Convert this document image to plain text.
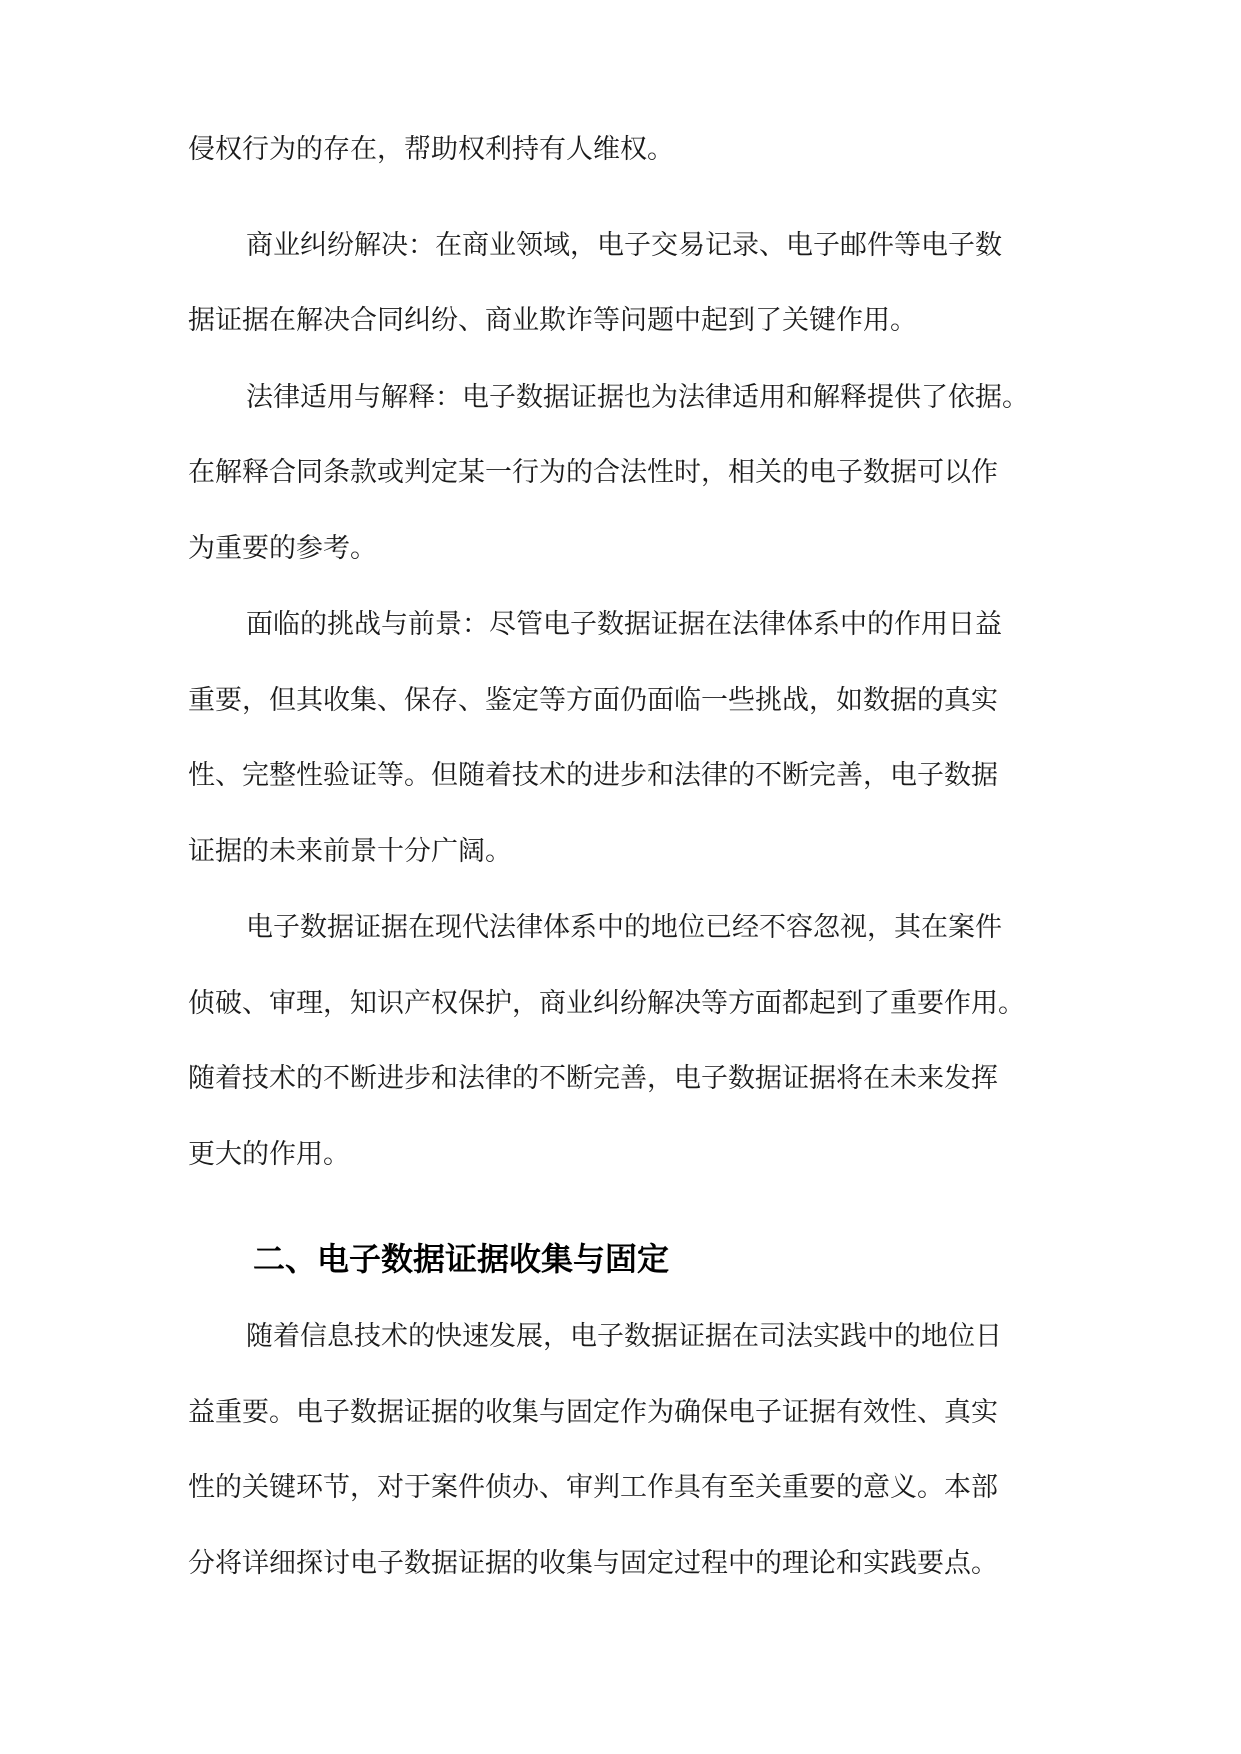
侵权行为的存在，帮助权利持有人维权。
商业纠纷解决：在商业领域，电子交易记录、电子邮件等电子数
据证据在解决合同纠纷、商业欺诈等问题中起到了关键作用。
法律适用与解释：电子数据证据也为法律适用和解释提供了依据。
在解释合同条款或判定某一行为的合法性时，相关的电子数据可以作
为重要的参考。
面临的挑战与前景：尽管电子数据证据在法律体系中的作用日益
重要，但其收集、保存、鉴定等方面仍面临一些挑战，如数据的真实
性、完整性验证等。但随着技术的进步和法律的不断完善，电子数据
证据的未来前景十分广阔。
电子数据证据在现代法律体系中的地位已经不容忽视，其在案件
侦破、审理，知识产权保护，商业纠纷解决等方面都起到了重要作用。
随着技术的不断进步和法律的不断完善，电子数据证据将在未来发挥
更大的作用。
二、电子数据证据收集与固定
随着信息技术的快速发展，电子数据证据在司法实践中的地位日
益重要。电子数据证据的收集与固定作为确保电子证据有效性、真实
性的关键环节，对于案件侦办、审判工作具有至关重要的意义。本部
分将详细探讨电子数据证据的收集与固定过程中的理论和实践要点。
